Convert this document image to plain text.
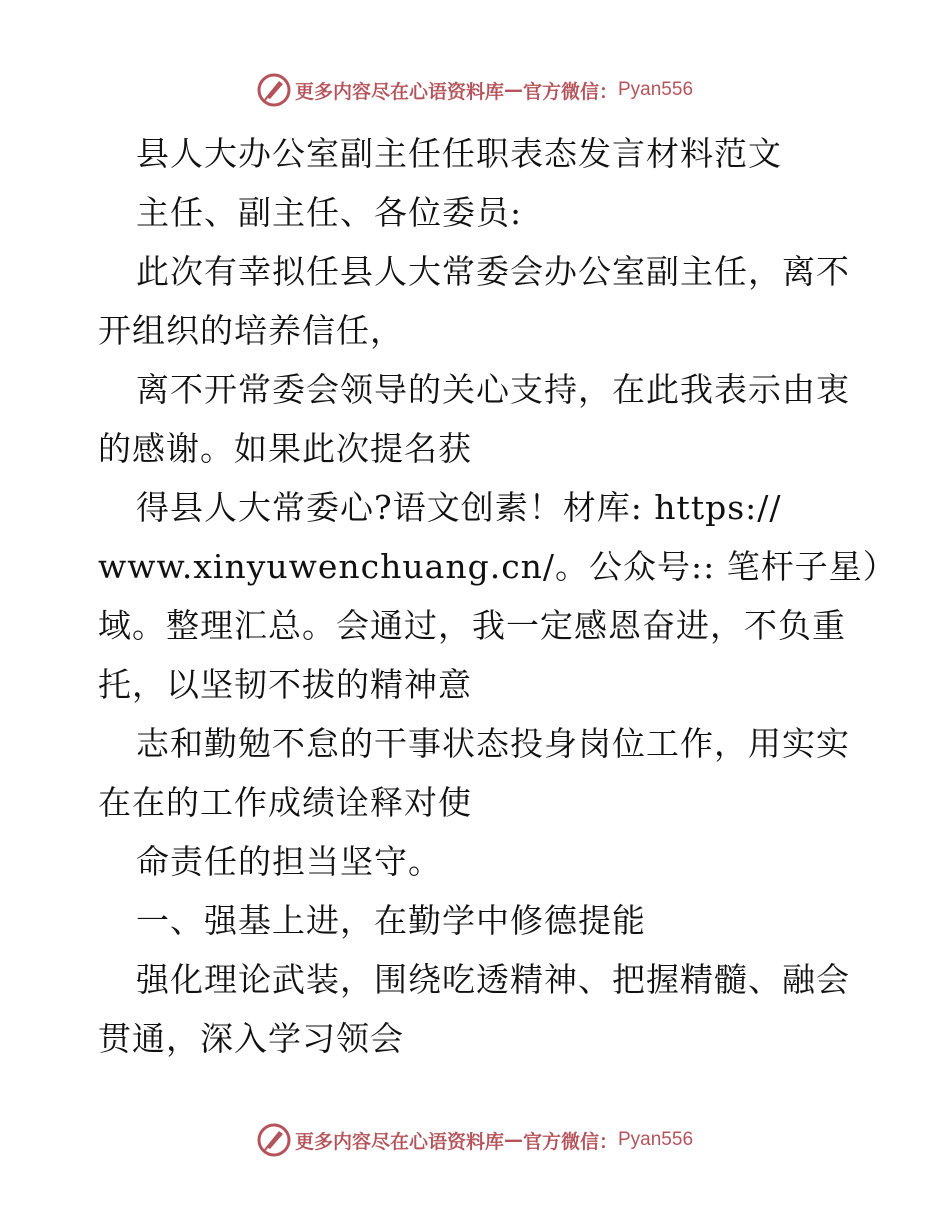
更多内容尽在心语资料库 — 官方微信： Pyan556
县人大办公室副主任任职表态发言材料范文
主任、副主任、各位委员:
此次有幸拟任县人大常委会办公室副主任，离不
开组织的培养信任，
离不开常委会领导的关心支持，在此我表示由衷
的感谢。如果此次提名获
得县人大常委心?语文创素！材库: https://
www.xinyuwenchuang.cn/。公众号:: 笔杆子星）
域。整理汇总。会通过，我一定感恩奋进，不负重
托，以坚韧不拔的精神意
志和勤勉不怠的干事状态投身岗位工作，用实实
在在的工作成绩诠释对使
命责任的担当坚守。
一、强基上进，在勤学中修德提能
强化理论武装，围绕吃透精神、把握精髓、融会
贯通，深入学习领会
更多内容尽在心语资料库 — 官方微信： Pyan556
